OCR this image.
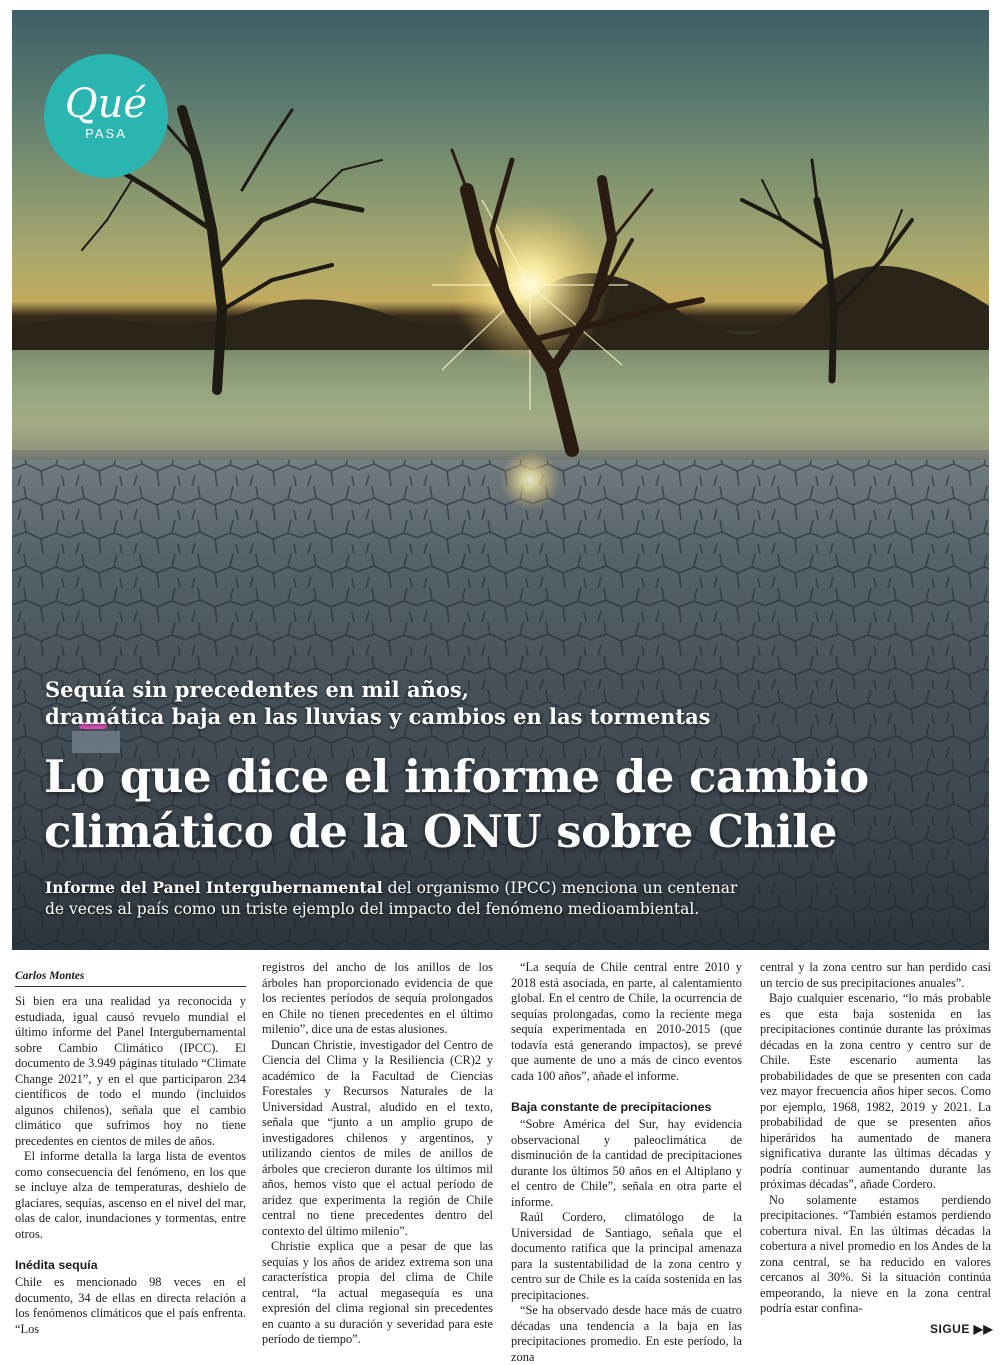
Qué
PASA
Sequía sin precedentes en mil años,
dramática baja en las lluvias y cambios en las tormentas
Lo que dice el informe de cambio
climático de la ONU sobre Chile

Informe del Panel Intergubernamental del organismo (IPCC) menciona un centenar
de veces al país como un triste ejemplo del impacto del fenómeno medioambiental.

Carlos Montes

Si bien era una realidad ya reconocida y estudiada, igual causó revuelo mundial el último informe del Panel Intergubernamental sobre Cambio Climático (IPCC). El documento de 3.949 páginas titulado “Climate Change 2021”, y en el que participaron 234 científicos de todo el mundo (incluidos algunos chilenos), señala que el cambio climático que sufrimos hoy no tiene precedentes en cientos de miles de años.

El informe detalla la larga lista de eventos como consecuencia del fenómeno, en los que se incluye alza de temperaturas, deshielo de glaciares, sequías, ascenso en el nivel del mar, olas de calor, inundaciones y tormentas, entre otros.

Inédita sequía

Chile es mencionado 98 veces en el documento, 34 de ellas en directa relación a los fenómenos climáticos que el país enfrenta. “Los

registros del ancho de los anillos de los árboles han proporcionado evidencia de que los recientes períodos de sequía prolongados en Chile no tienen precedentes en el último milenio”, dice una de estas alusiones.

Duncan Christie, investigador del Centro de Ciencia del Clima y la Resiliencia (CR)2 y académico de la Facultad de Ciencias Forestales y Recursos Naturales de la Universidad Austral, aludido en el texto, señala que “junto a un amplio grupo de investigadores chilenos y argentinos, y utilizando cientos de miles de anillos de árboles que crecieron durante los últimos mil años, hemos visto que el actual período de aridez que experimenta la región de Chile central no tiene precedentes dentro del contexto del último milenio”.

Christie explica que a pesar de que las sequías y los años de aridez extrema son una característica propia del clima de Chile central, “la actual megasequía es una expresión del clima regional sin precedentes en cuanto a su duración y severidad para este período de tiempo”.

“La sequía de Chile central entre 2010 y 2018 está asociada, en parte, al calentamiento global. En el centro de Chile, la ocurrencia de sequías prolongadas, como la reciente mega sequía experimentada en 2010-2015 (que todavía está generando impactos), se prevé que aumente de uno a más de cinco eventos cada 100 años”, añade el informe.

Baja constante de precipitaciones

“Sobre América del Sur, hay evidencia observacional y paleoclimática de disminución de la cantidad de precipitaciones durante los últimos 50 años en el Altiplano y el centro de Chile”, señala en otra parte el informe.

Raúl Cordero, climatólogo de la Universidad de Santiago, señala que el documento ratifica que la principal amenaza para la sustentabilidad de la zona centro y centro sur de Chile es la caída sostenida en las precipitaciones.

“Se ha observado desde hace más de cuatro décadas una tendencia a la baja en las precipitaciones promedio. En este período, la zona

central y la zona centro sur han perdido casi un tercio de sus precipitaciones anuales”.

Bajo cualquier escenario, “lo más probable es que esta baja sostenida en las precipitaciones continúe durante las próximas décadas en la zona centro y centro sur de Chile. Este escenario aumenta las probabilidades de que se presenten con cada vez mayor frecuencia años hiper secos. Como por ejemplo, 1968, 1982, 2019 y 2021. La probabilidad de que se presenten años hiperáridos ha aumentado de manera significativa durante las últimas décadas y podría continuar aumentando durante las próximas décadas”, añade Cordero.

No solamente estamos perdiendo precipitaciones. “También estamos perdiendo cobertura nival. En las últimas décadas la cobertura a nivel promedio en los Andes de la zona central, se ha reducido en valores cercanos al 30%. Si la situación continúa empeorando, la nieve en la zona central podría estar confina-

SIGUE ▶▶
